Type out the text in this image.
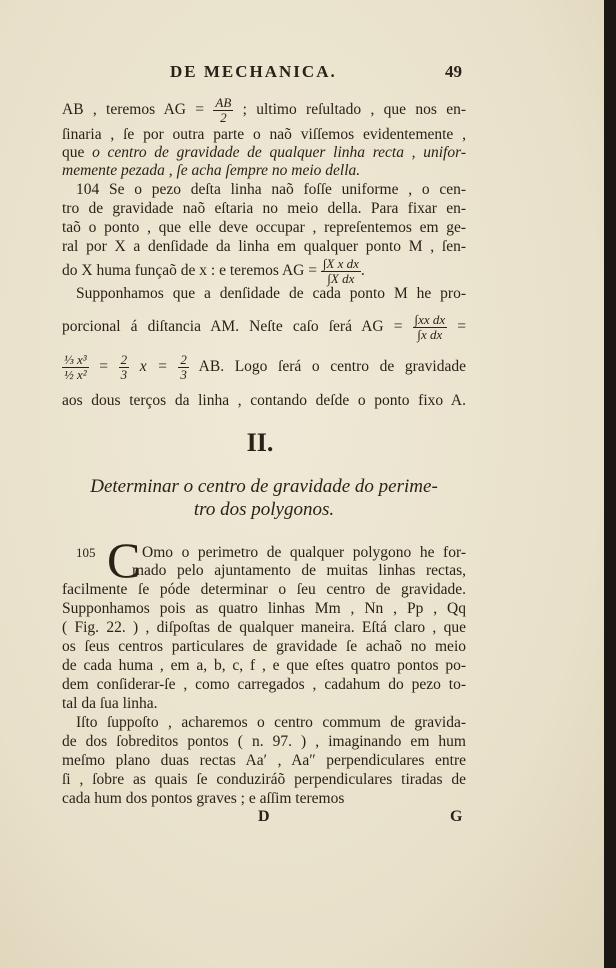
DE MECHANICA.	49
AB , teremos AG = $\frac{AB}{2}$ ; ultimo reſultado , que nos en-
ſinaria , ſe por outra parte o naõ viſſemos evidentemente ,
que o centro de gravidade de qualquer linha recta , unifor-
memente pezada , ſe acha ſempre no meio della.
104 Se o pezo deſta linha naõ foſſe uniforme , o cen-
tro de gravidade naõ eſtaria no meio della. Para fixar en-
taõ o ponto , que elle deve occupar , repreſentemos em ge-
ral por X a denſidade da linha em qualquer ponto M , ſen-
do X huma funçaõ de x : e teremos AG = $\frac{\text{∫X x dx}}{\text{∫X dx}}$ .
Supponhamos que a denſidade de cada ponto M he pro-
porcional á diſtancia AM. Neſte caſo ſerá AG = $\frac{\text{∫xx dx}}{\text{∫x dx}}$ =
$\frac{\text{⅓ x³}}{\text{½ x²}} = \frac{2}{3}$ $x = \frac{2}{3}$ AB. Logo ſerá o centro de gravidade
aos dous terços da linha , contando deſde o ponto fixo A.
II.
Determinar o centro de gravidade do perime-
tro dos polygonos.
105 C Omo o perimetro de qualquer polygono he for-
mado pelo ajuntamento de muitas linhas rectas,
facilmente ſe póde determinar o ſeu centro de gravidade.
Supponhamos pois as quatro linhas Mm , Nn , Pp , Qq
( Fig. 22. ) , diſpoſtas de qualquer maneira. Eſtá claro , que
os ſeus centros particulares de gravidade ſe achaõ no meio
de cada huma , em a, b, c, f , e que eſtes quatro pontos po-
dem conſiderar-ſe , como carregados , cadahum do pezo to-
tal da ſua linha.
Iſto ſuppoſto , acharemos o centro commum de gravida-
de dos ſobreditos pontos ( n. 97. ) , imaginando em hum
meſmo plano duas rectas Aa′ , Aa″ perpendiculares entre
ſi , ſobre as quais ſe conduziráõ perpendiculares tiradas de
cada hum dos pontos graves ; e aſſim teremos
D	G
